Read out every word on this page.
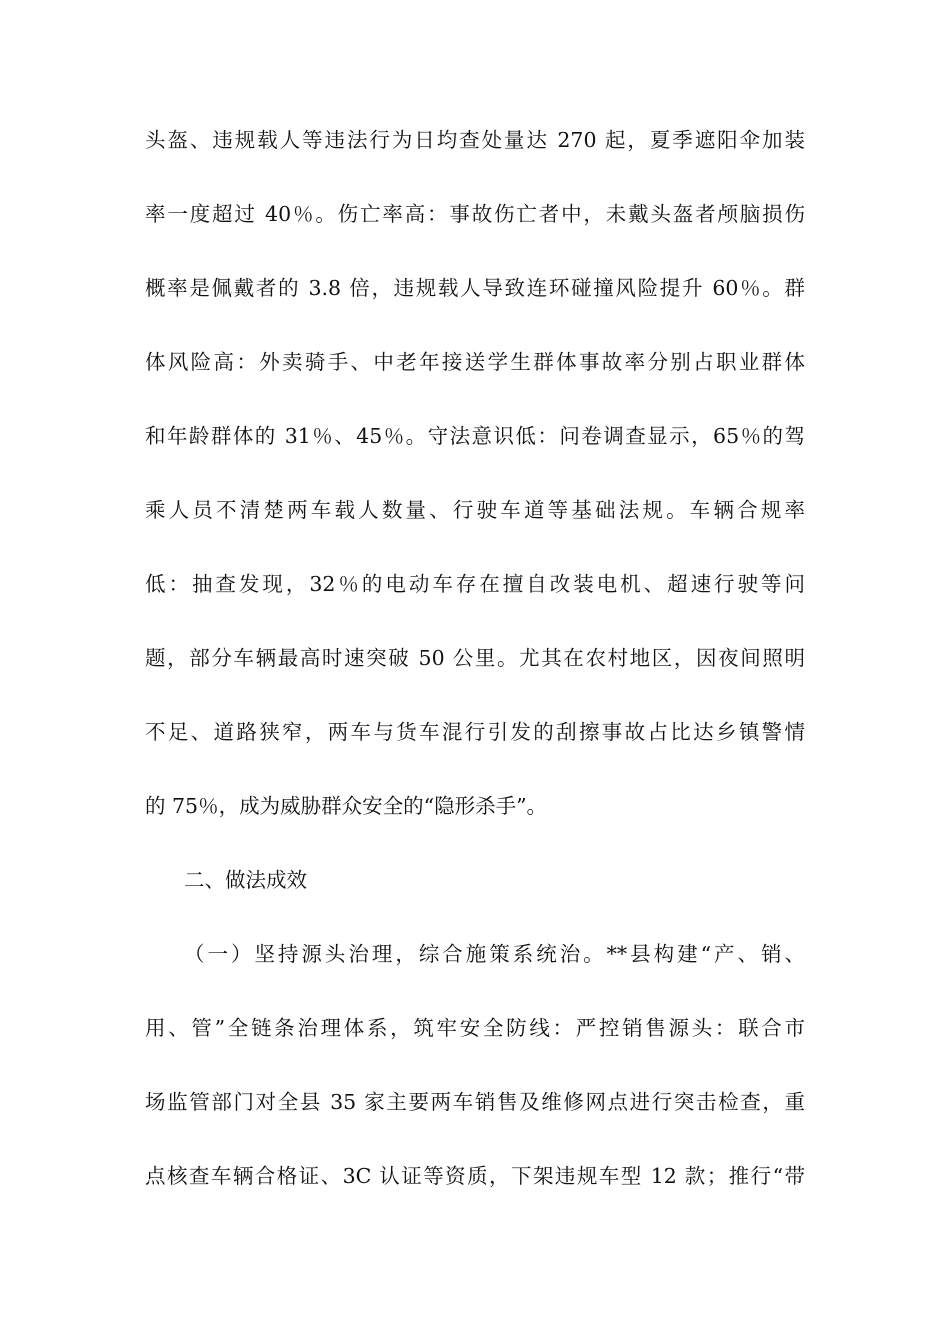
头盔、违规载人等违法行为日均查处量达 270 起，夏季遮阳伞加装
率一度超过 40％。伤亡率高：事故伤亡者中，未戴头盔者颅脑损伤
概率是佩戴者的 3.8 倍，违规载人导致连环碰撞风险提升 60％。群
体风险高：外卖骑手、中老年接送学生群体事故率分别占职业群体
和年龄群体的 31％、45％。守法意识低：问卷调查显示，65％的驾
乘人员不清楚两车载人数量、行驶车道等基础法规。车辆合规率
低：抽查发现，32％的电动车存在擅自改装电机、超速行驶等问
题，部分车辆最高时速突破 50 公里。尤其在农村地区，因夜间照明
不足、道路狭窄，两车与货车混行引发的刮擦事故占比达乡镇警情
的 75％，成为威胁群众安全的“隐形杀手”。
二、做法成效
（一）坚持源头治理，综合施策系统治。**县构建“产、销、
用、管”全链条治理体系，筑牢安全防线：严控销售源头：联合市
场监管部门对全县 35 家主要两车销售及维修网点进行突击检查，重
点核查车辆合格证、3C 认证等资质，下架违规车型 12 款；推行“带
